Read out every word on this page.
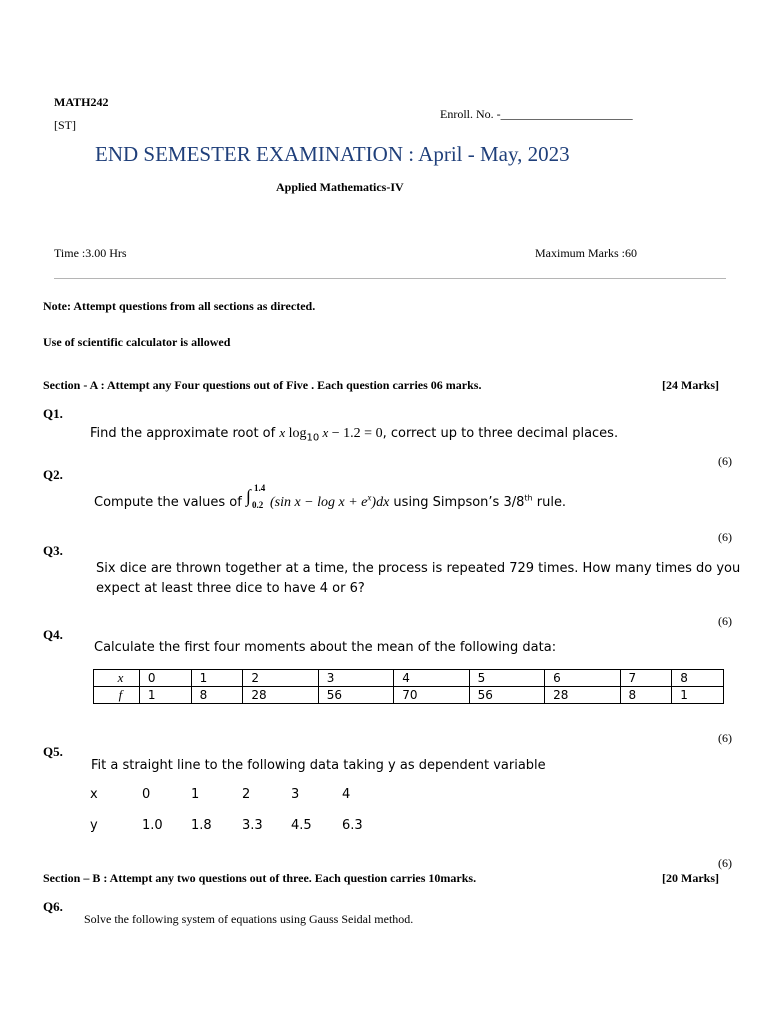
MATH242
[ST]
Enroll. No. -______________________
END SEMESTER EXAMINATION : April - May, 2023
Applied Mathematics-IV
Time :3.00 Hrs	Maximum Marks :60
Note: Attempt questions from all sections as directed.
Use of scientific calculator is allowed
Section - A : Attempt any Four questions out of Five . Each question carries 06 marks.	[24 Marks]
Q1.
Find the approximate root of x $\log_{10} x - 1.2 = 0$, correct up to three decimal places.
(6)
Q2.
Compute the values of ∫ 1.4
0.2 (sin $x - \log x + e^x)dx$ using Simpson’s 3/8th rule.
(6)
Q3.
Six dice are thrown together at a time, the process is repeated 729 times. How many times do you
expect at least three dice to have 4 or 6?
(6)
Q4.
Calculate the first four moments about the mean of the following data:
x	0	1	2	3	4	5	6	7	8
f	1	8	28	56	70	56	28	8	1
(6)
Q5.
Fit a straight line to the following data taking y as dependent variable
x	0	1	2	3	4
y	1.0 1.8 3.3 4.5 6.3
(6)
Section – B : Attempt any two questions out of three. Each question carries 10marks.	[20 Marks]
Q6.
Solve the following system of equations using Gauss Seidal method.
